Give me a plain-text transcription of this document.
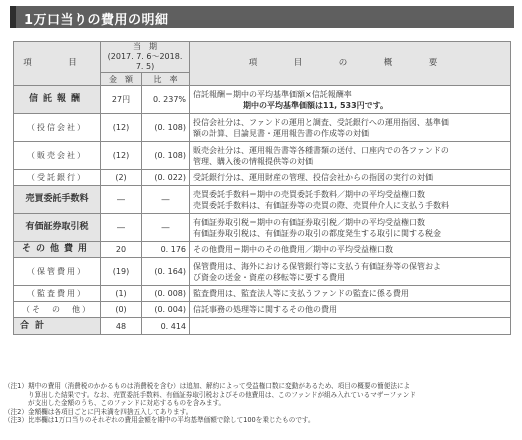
1万口当りの費用の明細
項　目	当　期
(2017. 7. 6～2018. 7. 5)		項　目　の　概　要
	金　額	比　率	
信託報酬	27円	0. 237%	信託報酬＝期中の平均基準価額×信託報酬率
期中の平均基準価額は11, 533円です。

（投信会社）	(12)	(0. 108)	投信会社分は、ファンドの運用と調査、受託銀行への運用指図、基準価
額の計算、目論見書・運用報告書の作成等の対価

（販売会社）	(12)	(0. 108)	販売会社分は、運用報告書等各種書類の送付、口座内での各ファンドの
管理、購入後の情報提供等の対価

（受託銀行）	(2)	(0. 022)	受託銀行分は、運用財産の管理、投信会社からの指図の実行の対価

売買委託手数料	―	―	売買委託手数料＝期中の売買委託手数料／期中の平均受益権口数
売買委託手数料は、有価証券等の売買の際、売買仲介人に支払う手数料

有価証券取引税	―	―	有価証券取引税＝期中の有価証券取引税／期中の平均受益権口数
有価証券取引税は、有価証券の取引の都度発生する取引に関する税金

その他費用	20	0. 176	その他費用＝期中のその他費用／期中の平均受益権口数

（保管費用）	(19)	(0. 164)	保管費用は、海外における保管銀行等に支払う有価証券等の保管およ
び資金の送金・資産の移転等に要する費用

（監査費用）	(1)	(0. 008)	監査費用は、監査法人等に支払うファンドの監査に係る費用

（そ　の　他）	(0)	(0. 004)	信託事務の処理等に関するその他の費用

合計	48	0. 414	
（注1）期中の費用（消費税のかかるものは消費税を含む）は追加、解約によって受益権口数に変動があるため、項目の概要の簡便法によ
り算出した結果です。なお、売買委託手数料、有価証券取引税およびその他費用は、このファンドが組み入れているマザーファンド
が支出した金額のうち、このファンドに対応するものを含みます。
（注2）金額欄は各項目ごとに円未満を四捨五入してあります。
（注3）比率欄は1万口当りのそれぞれの費用金額を期中の平均基準価額で除して100を乗じたものです。
